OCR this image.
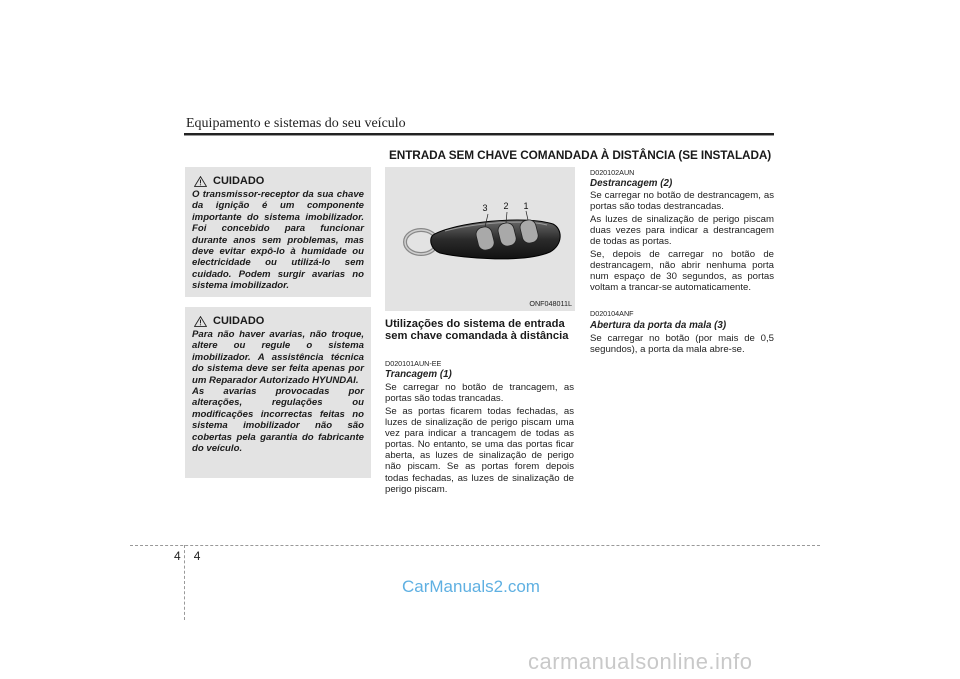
Equipamento e sistemas do seu veículo
ENTRADA SEM CHAVE COMANDADA À DISTÂNCIA (SE INSTALADA)
CUIDADO
O transmissor-receptor da sua chave da ignição é um componente importante do sistema imobilizador. Foi concebido para funcionar durante anos sem problemas, mas deve evitar expô-lo à humidade ou electricidade ou utilizá-lo sem cuidado. Podem surgir avarias no sistema imobilizador.
CUIDADO
Para não haver avarias, não troque, altere ou regule o sistema imobilizador. A assistência técnica do sistema deve ser feita apenas por um Reparador Autorizado HYUNDAI.
As avarias provocadas por alterações, regulações ou modificações incorrectas feitas no sistema imobilizador não são cobertas pela garantia do fabricante do veículo.
3 2 1
ONF048011L
Utilizações do sistema de entrada sem chave comandada à distância
D020101AUN-EE
Trancagem (1)
Se carregar no botão de trancagem, as portas são todas trancadas.
Se as portas ficarem todas fechadas, as luzes de sinalização de perigo piscam uma vez para indicar a trancagem de todas as portas. No entanto, se uma das portas ficar aberta, as luzes de sinalização de perigo não piscam. Se as portas forem depois todas fechadas, as luzes de sinalização de perigo piscam.
D020102AUN
Destrancagem (2)
Se carregar no botão de destrancagem, as portas são todas destrancadas.
As luzes de sinalização de perigo piscam duas vezes para indicar a destrancagem de todas as portas.
Se, depois de carregar no botão de destrancagem, não abrir nenhuma porta num espaço de 30 segundos, as portas voltam a trancar-se automaticamente.
D020104ANF
Abertura da porta da mala (3)
Se carregar no botão (por mais de 0,5 segundos), a porta da mala abre-se.
4 4
CarManuals2.com
carmanualsonline.info
